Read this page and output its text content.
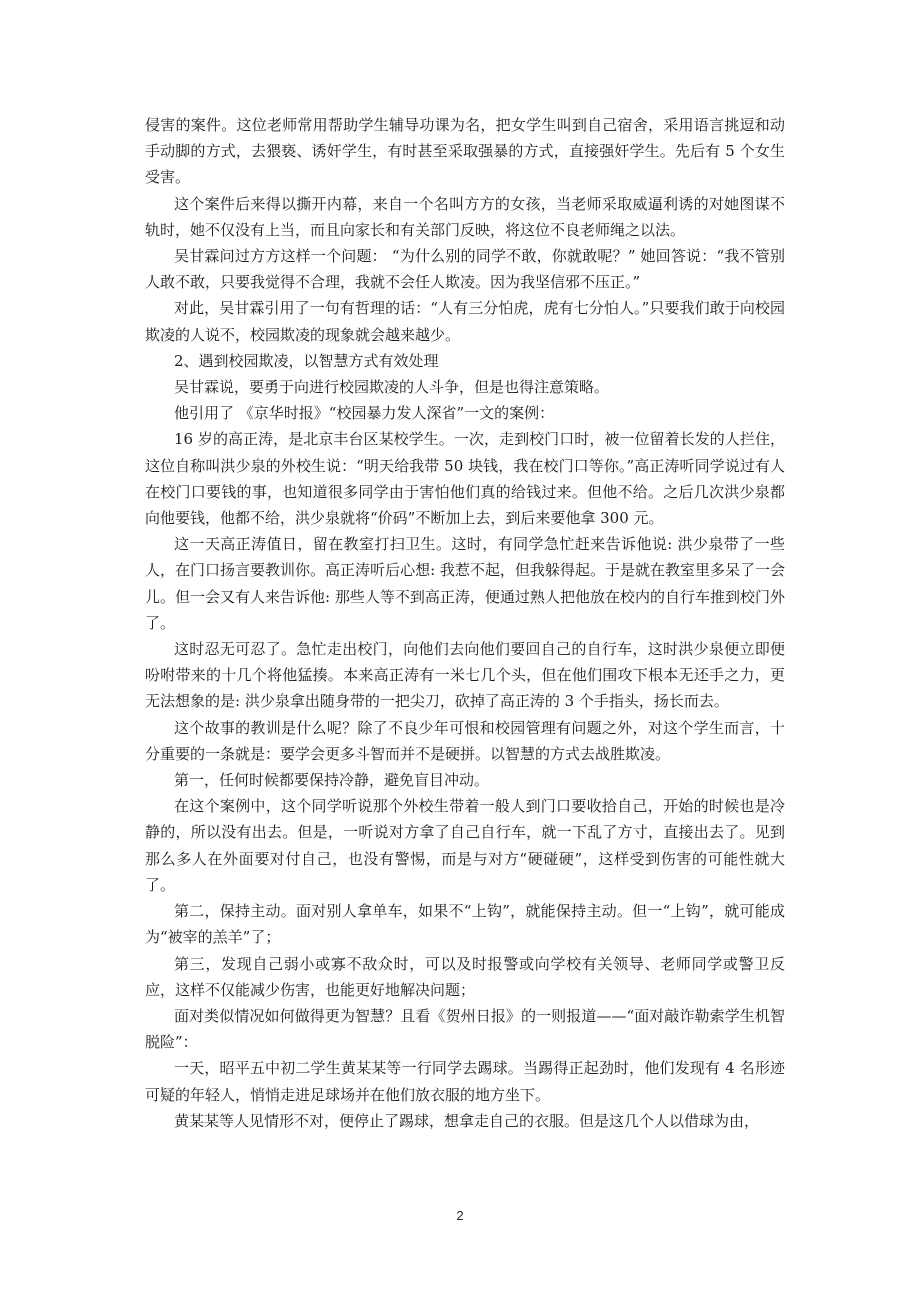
侵害的案件。这位老师常用帮助学生辅导功课为名，把女学生叫到自己宿舍，采用语言挑逗和动手动脚的方式，去猥亵、诱奸学生，有时甚至采取强暴的方式，直接强奸学生。先后有 5 个女生受害。

这个案件后来得以撕开内幕，来自一个名叫方方的女孩，当老师采取威逼利诱的对她图谋不轨时，她不仅没有上当，而且向家长和有关部门反映，将这位不良老师绳之以法。

吴甘霖问过方方这样一个问题： “为什么别的同学不敢，你就敢呢？” 她回答说：“我不管别人敢不敢，只要我觉得不合理，我就不会任人欺凌。因为我坚信邪不压正。”

对此，吴甘霖引用了一句有哲理的话：“人有三分怕虎，虎有七分怕人。”只要我们敢于向校园欺凌的人说不，校园欺凌的现象就会越来越少。

2、遇到校园欺凌，以智慧方式有效处理

吴甘霖说，要勇于向进行校园欺凌的人斗争，但是也得注意策略。

他引用了 《京华时报》“校园暴力发人深省”一文的案例：

16 岁的高正涛，是北京丰台区某校学生。一次，走到校门口时，被一位留着长发的人拦住，这位自称叫洪少泉的外校生说：“明天给我带 50 块钱，我在校门口等你。”高正涛听同学说过有人在校门口要钱的事，也知道很多同学由于害怕他们真的给钱过来。但他不给。之后几次洪少泉都向他要钱，他都不给，洪少泉就将“价码”不断加上去，到后来要他拿 300 元。

这一天高正涛值日，留在教室打扫卫生。这时，有同学急忙赶来告诉他说: 洪少泉带了一些人，在门口扬言要教训你。高正涛听后心想: 我惹不起，但我躲得起。于是就在教室里多呆了一会儿。但一会又有人来告诉他: 那些人等不到高正涛，便通过熟人把他放在校内的自行车推到校门外了。

这时忍无可忍了。急忙走出校门，向他们去向他们要回自己的自行车，这时洪少泉便立即便吩咐带来的十几个将他猛揍。本来高正涛有一米七几个头，但在他们围攻下根本无还手之力，更无法想象的是: 洪少泉拿出随身带的一把尖刀，砍掉了高正涛的 3 个手指头，扬长而去。

这个故事的教训是什么呢？除了不良少年可恨和校园管理有问题之外，对这个学生而言，十分重要的一条就是：要学会更多斗智而并不是硬拼。以智慧的方式去战胜欺凌。

第一，任何时候都要保持冷静，避免盲目冲动。

在这个案例中，这个同学听说那个外校生带着一般人到门口要收拾自己，开始的时候也是冷静的，所以没有出去。但是，一听说对方拿了自己自行车，就一下乱了方寸，直接出去了。见到那么多人在外面要对付自己，也没有警惕，而是与对方“硬碰硬”，这样受到伤害的可能性就大了。

第二，保持主动。面对别人拿单车，如果不“上钩”，就能保持主动。但一“上钩”，就可能成为“被宰的羔羊”了；

第三，发现自己弱小或寡不敌众时，可以及时报警或向学校有关领导、老师同学或警卫反应，这样不仅能减少伤害，也能更好地解决问题；

面对类似情况如何做得更为智慧？且看《贺州日报》的一则报道——“面对敲诈勒索学生机智脱险”：

一天，昭平五中初二学生黄某某等一行同学去踢球。当踢得正起劲时，他们发现有 4 名形迹可疑的年轻人，悄悄走进足球场并在他们放衣服的地方坐下。

黄某某等人见情形不对，便停止了踢球，想拿走自己的衣服。但是这几个人以借球为由，

2
